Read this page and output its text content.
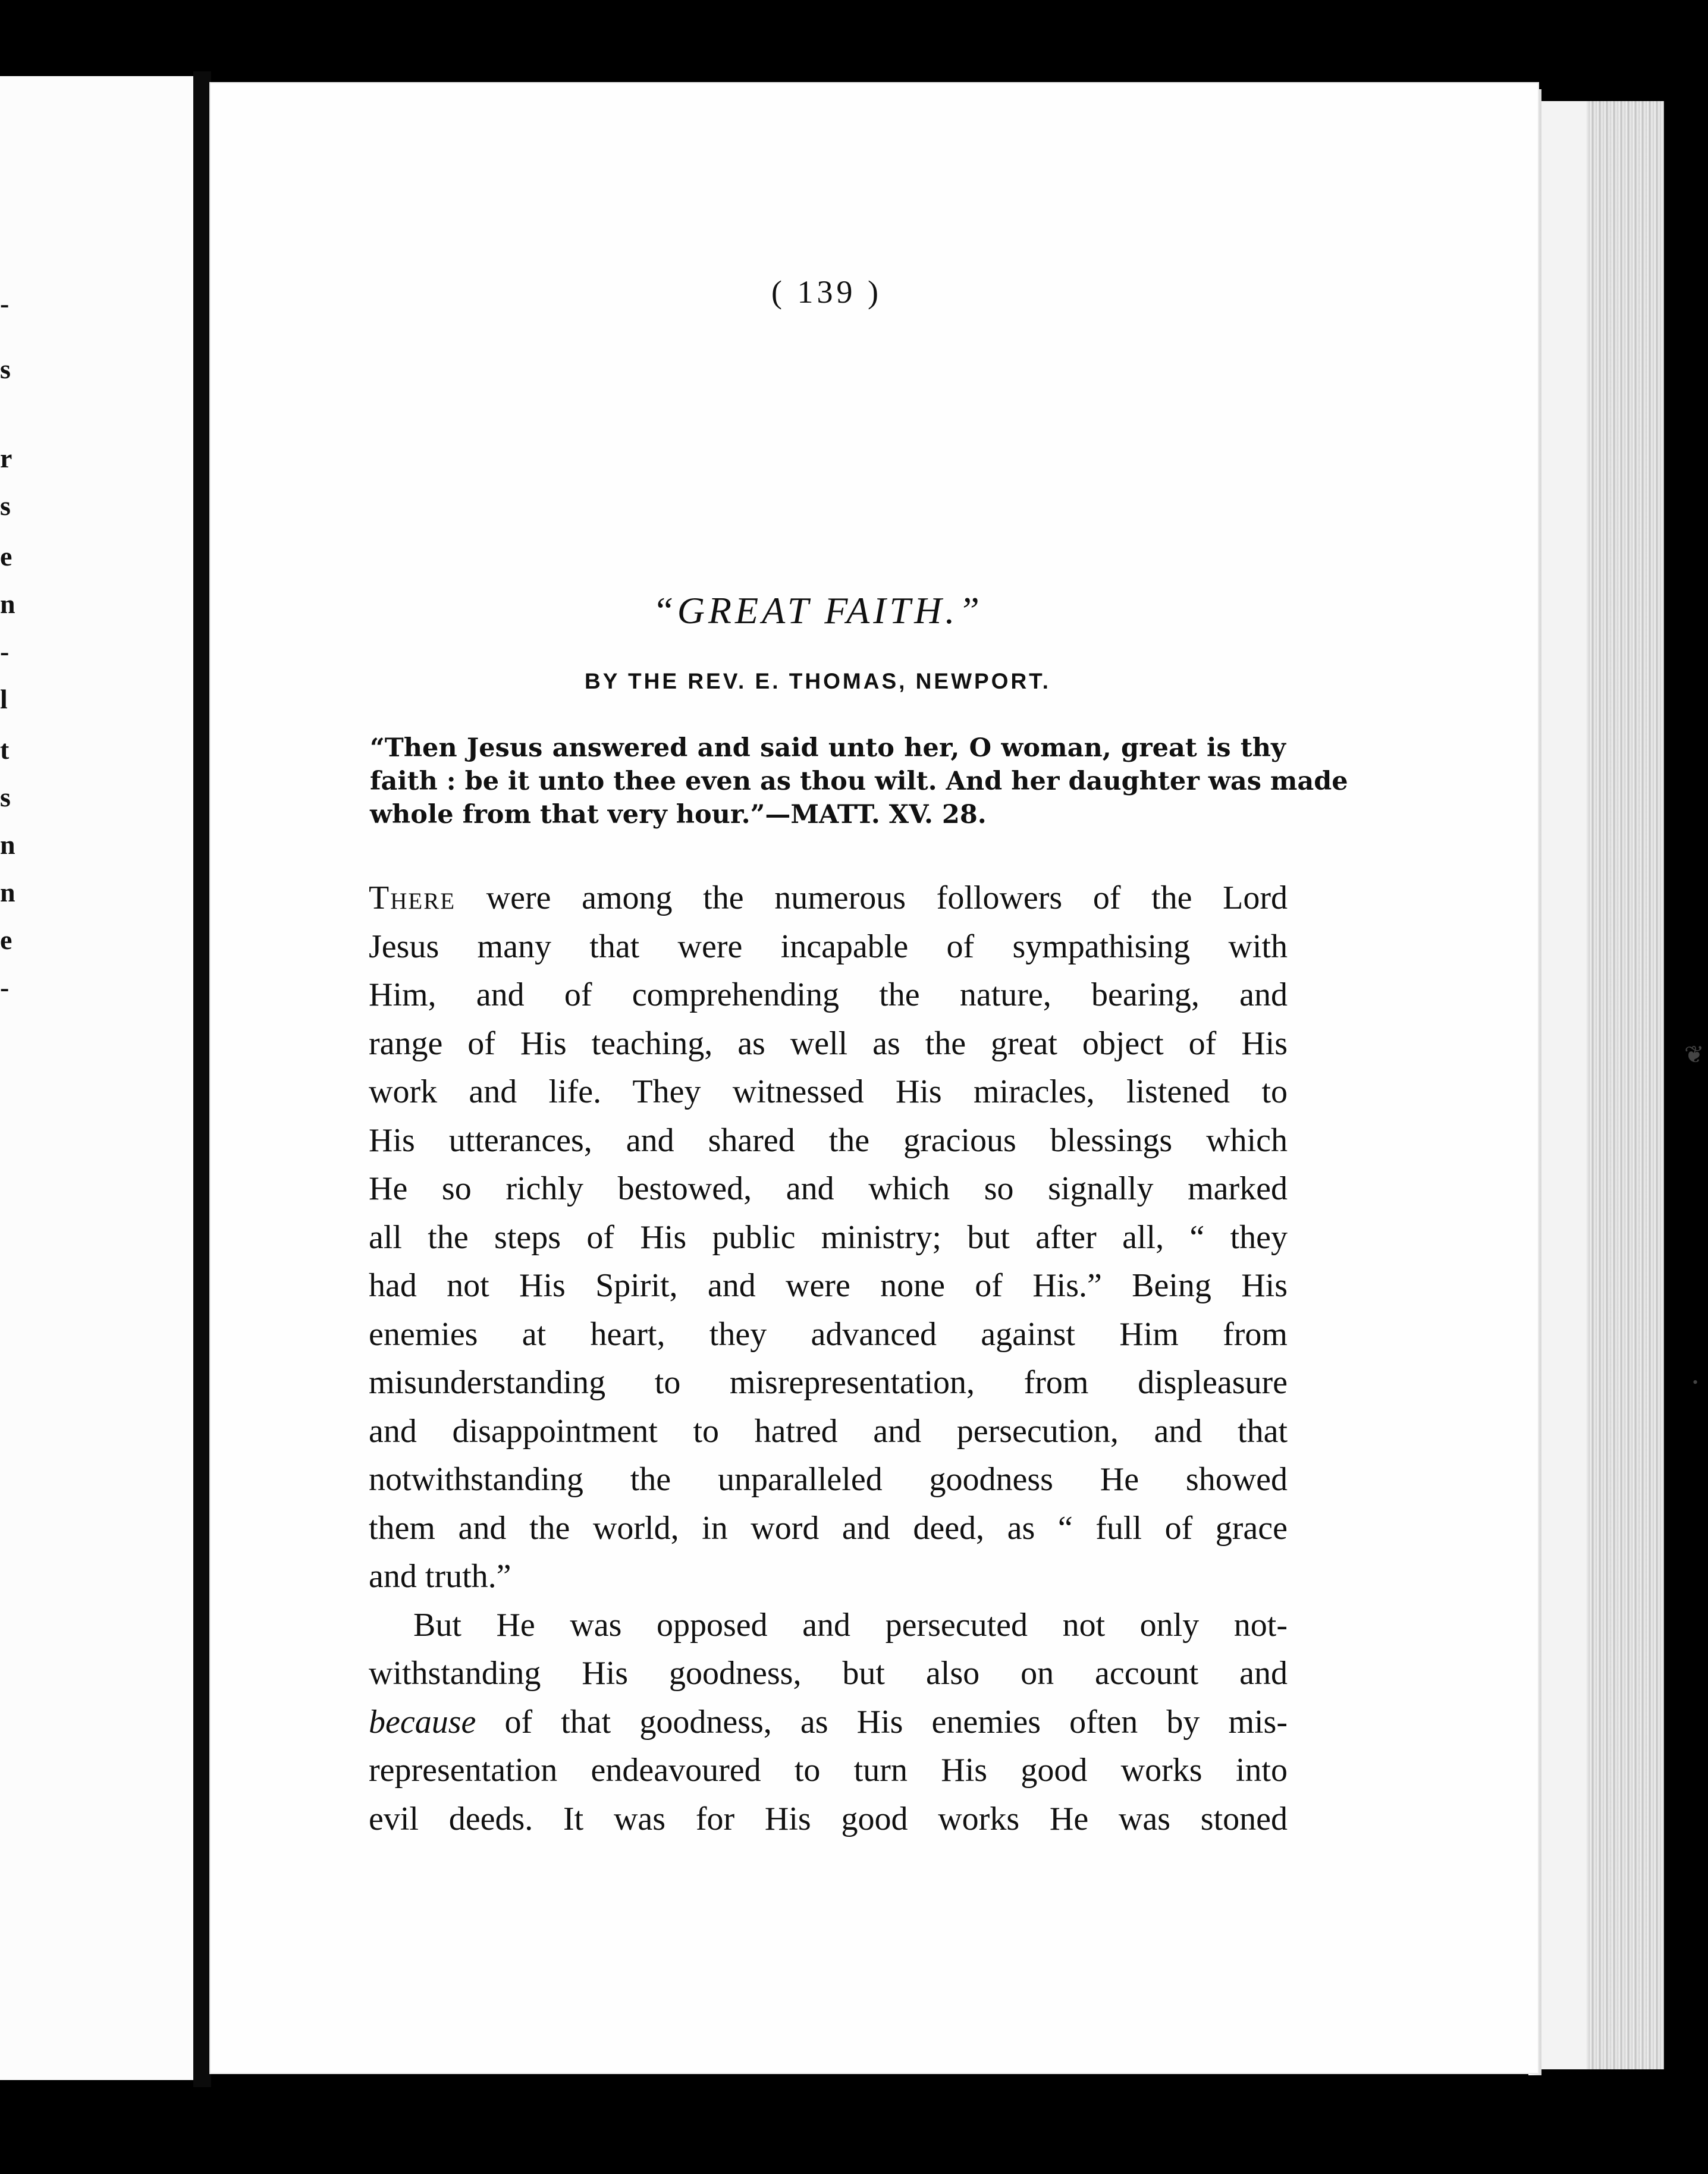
-
s
r
s
e
n
-
l
t
s
n
n
e
-
❦
•
( 139 )
“GREAT FAITH.”
BY THE REV. E. THOMAS, NEWPORT.
“Then Jesus answered and said unto her, O woman, great is thy
faith : be it unto thee even as thou wilt. And her daughter was made
whole from that very hour.”—MATT. XV. 28.
There were among the numerous followers of the Lord
Jesus many that were incapable of sympathising with
Him, and of comprehending the nature, bearing, and
range of His teaching, as well as the great object of His
work and life. They witnessed His miracles, listened to
His utterances, and shared the gracious blessings which
He so richly bestowed, and which so signally marked
all the steps of His public ministry; but after all, “ they
had not His Spirit, and were none of His.” Being His
enemies at heart, they advanced against Him from
misunderstanding to misrepresentation, from displeasure
and disappointment to hatred and persecution, and that
notwithstanding the unparalleled goodness He showed
them and the world, in word and deed, as “ full of grace
and truth.”
But He was opposed and persecuted not only not-
withstanding His goodness, but also on account and
because of that goodness, as His enemies often by mis-
representation endeavoured to turn His good works into
evil deeds. It was for His good works He was stoned
